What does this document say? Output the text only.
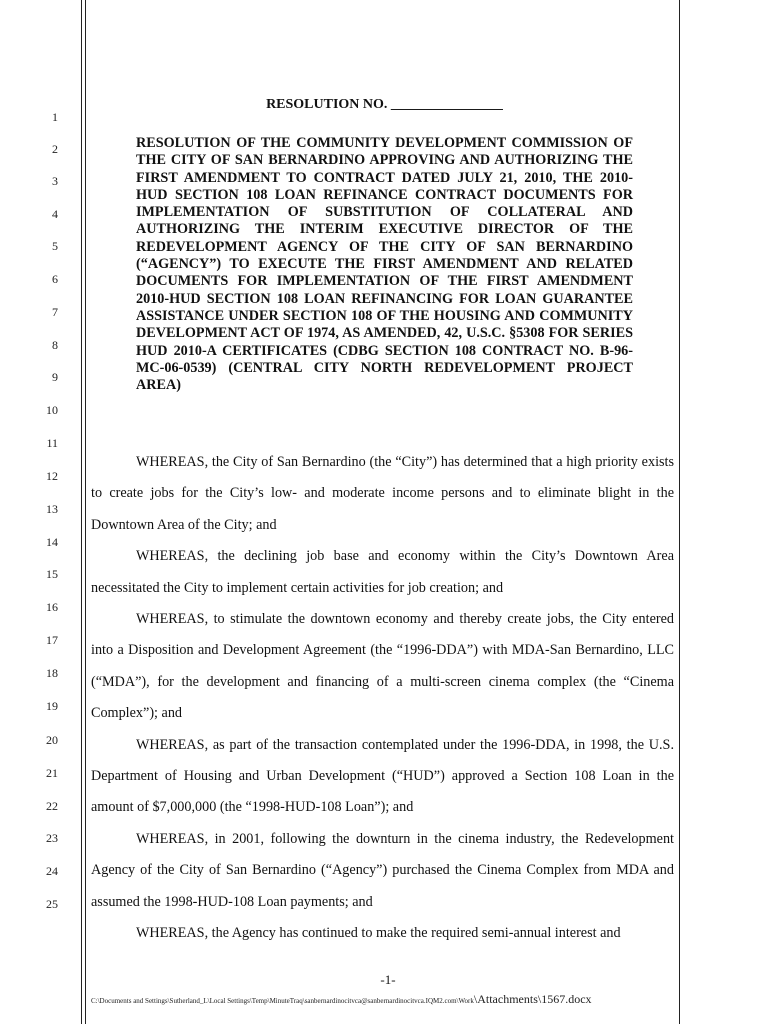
1
2
3
4
5
6
7
8
9
10
11
12
13
14
15
16
17
18
19
20
21
22
23
24
25
RESOLUTION NO. ________________

RESOLUTION OF THE COMMUNITY DEVELOPMENT COMMISSION OF THE CITY OF SAN BERNARDINO APPROVING AND AUTHORIZING THE FIRST AMENDMENT TO CONTRACT DATED JULY 21, 2010, THE 2010-HUD SECTION 108 LOAN REFINANCE CONTRACT DOCUMENTS FOR IMPLEMENTATION OF SUBSTITUTION OF COLLATERAL AND AUTHORIZING THE INTERIM EXECUTIVE DIRECTOR OF THE REDEVELOPMENT AGENCY OF THE CITY OF SAN BERNARDINO (“AGENCY”) TO EXECUTE THE FIRST AMENDMENT AND RELATED DOCUMENTS FOR IMPLEMENTATION OF THE FIRST AMENDMENT 2010-HUD SECTION 108 LOAN REFINANCING FOR LOAN GUARANTEE ASSISTANCE UNDER SECTION 108 OF THE HOUSING AND COMMUNITY DEVELOPMENT ACT OF 1974, AS AMENDED, 42, U.S.C. §5308 FOR SERIES HUD 2010-A CERTIFICATES (CDBG SECTION 108 CONTRACT NO. B-96-MC-06-0539) (CENTRAL CITY NORTH REDEVELOPMENT PROJECT AREA)

WHEREAS, the City of San Bernardino (the “City”) has determined that a high priority exists to create jobs for the City’s low- and moderate income persons and to eliminate blight in the Downtown Area of the City; and

WHEREAS, the declining job base and economy within the City’s Downtown Area necessitated the City to implement certain activities for job creation; and

WHEREAS, to stimulate the downtown economy and thereby create jobs, the City entered into a Disposition and Development Agreement (the “1996-DDA”) with MDA-San Bernardino, LLC (“MDA”), for the development and financing of a multi-screen cinema complex (the “Cinema Complex”); and

WHEREAS, as part of the transaction contemplated under the 1996-DDA, in 1998, the U.S. Department of Housing and Urban Development (“HUD”) approved a Section 108 Loan in the amount of $7,000,000 (the “1998-HUD-108 Loan”); and

WHEREAS, in 2001, following the downturn in the cinema industry, the Redevelopment Agency of the City of San Bernardino (“Agency”) purchased the Cinema Complex from MDA and assumed the 1998-HUD-108 Loan payments; and

WHEREAS, the Agency has continued to make the required semi-annual interest and

-1-
C:\Documents and Settings\Sutherland_L\Local Settings\Temp\MinuteTraq\sanbernardinocitvca@sanbernardinocitvca.IQM2.com\Work\Attachments\1567.docx
